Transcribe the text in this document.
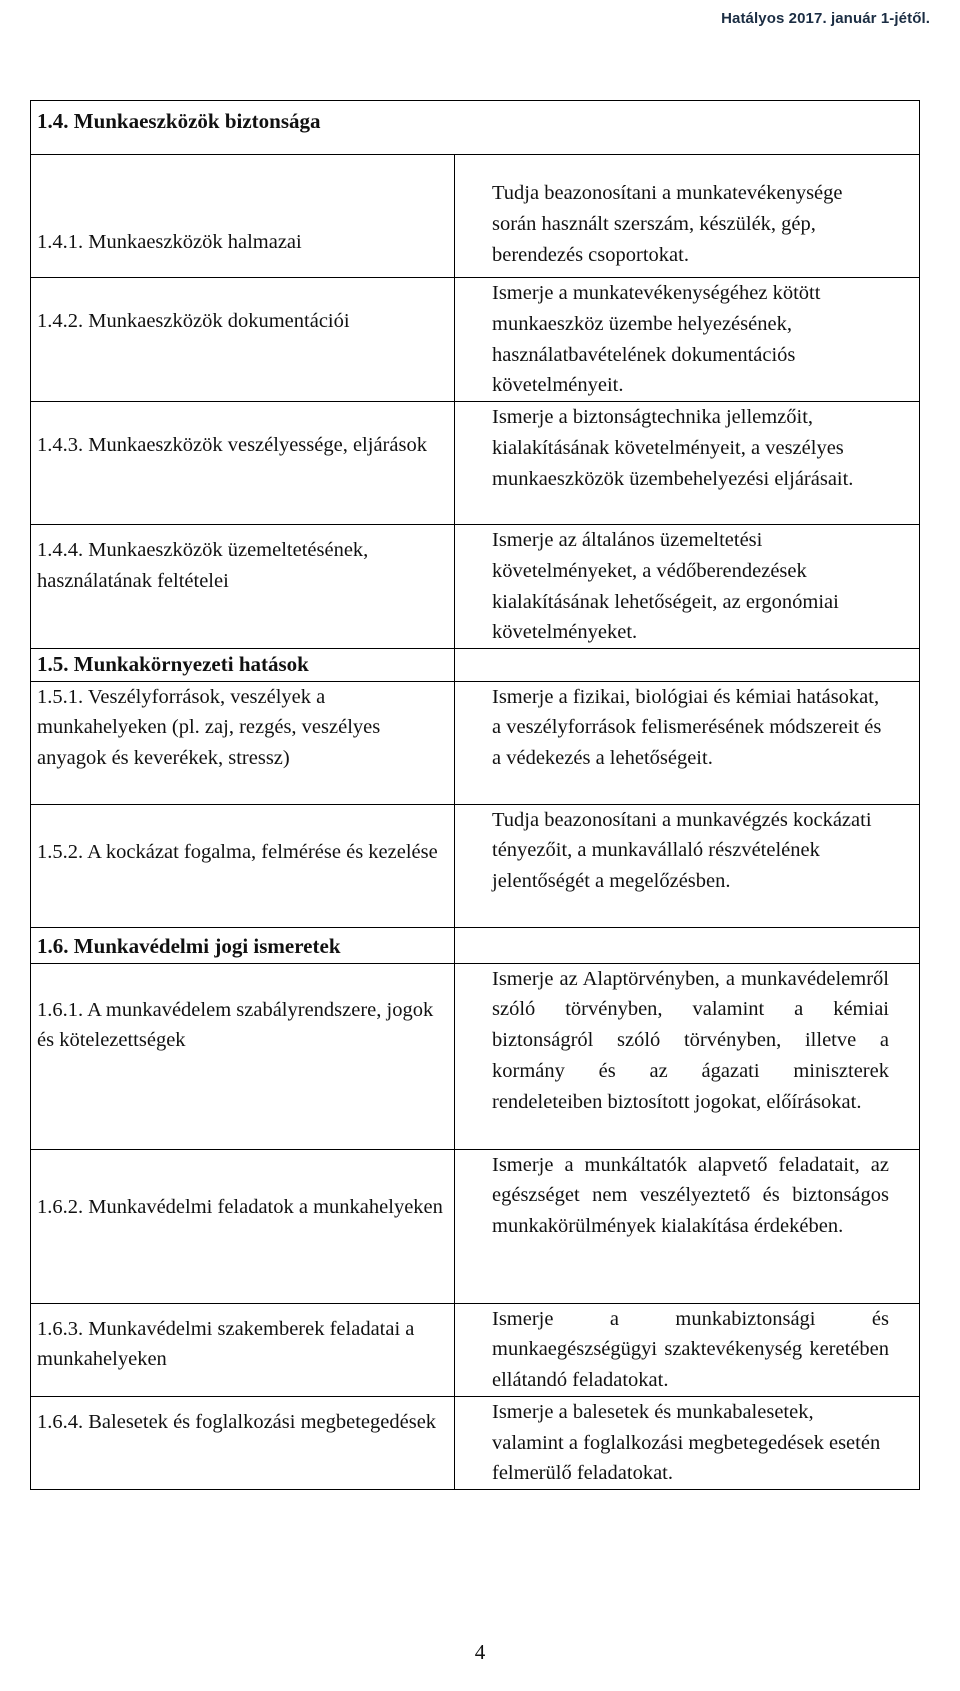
Hatályos 2017. január 1-jétől.
1.4. Munkaeszközök biztonsága	
1.4.1. Munkaeszközök halmazai	Tudja beazonosítani a munkatevékenysége során használt szerszám, készülék, gép, berendezés csoportokat.
1.4.2. Munkaeszközök dokumentációi	Ismerje a munkatevékenységéhez kötött munkaeszköz üzembe helyezésének, használatbavételének dokumentációs követelményeit.
1.4.3. Munkaeszközök veszélyessége, eljárások	Ismerje a biztonságtechnika jellemzőit, kialakításának követelményeit, a veszélyes munkaeszközök üzembehelyezési eljárásait.
1.4.4. Munkaeszközök üzemeltetésének, használatának feltételei	Ismerje az általános üzemeltetési követelményeket, a védőberendezések kialakításának lehetőségeit, az ergonómiai követelményeket.
1.5. Munkakörnyezeti hatások	
1.5.1. Veszélyforrások, veszélyek a munkahelyeken (pl. zaj, rezgés, veszélyes anyagok és keverékek, stressz)	Ismerje a fizikai, biológiai és kémiai hatásokat, a veszélyforrások felismerésének módszereit és a védekezés a lehetőségeit.
1.5.2. A kockázat fogalma, felmérése és kezelése	Tudja beazonosítani a munkavégzés kockázati tényezőit, a munkavállaló részvételének jelentőségét a megelőzésben.
1.6. Munkavédelmi jogi ismeretek	
1.6.1. A munkavédelem szabályrendszere, jogok és kötelezettségek	Ismerje az Alaptörvényben, a munkavédelemről szóló törvényben, valamint a kémiai biztonságról szóló törvényben, illetve a kormány és az ágazati miniszterek rendeleteiben biztosított jogokat, előírásokat.
1.6.2. Munkavédelmi feladatok a munkahelyeken	Ismerje a munkáltatók alapvető feladatait, az egészséget nem veszélyeztető és biztonságos munkakörülmények kialakítása érdekében.
1.6.3. Munkavédelmi szakemberek feladatai a munkahelyeken	Ismerje a munkabiztonsági és munkaegészségügyi szaktevékenység keretében ellátandó feladatokat.
1.6.4. Balesetek és foglalkozási megbetegedések	Ismerje a balesetek és munkabalesetek, valamint a foglalkozási megbetegedések esetén felmerülő feladatokat.
4
